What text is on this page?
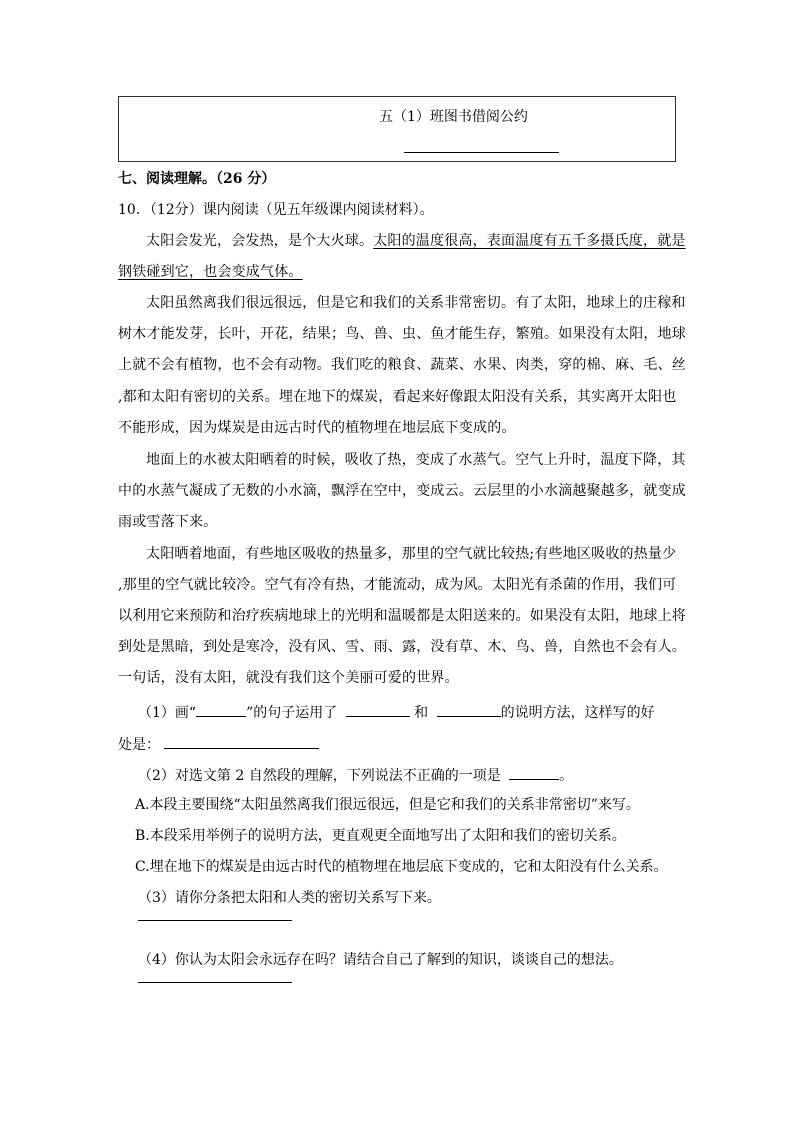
五（1）班图书借阅公约
七、阅读理解。（26 分）
10．（12分）课内阅读（见五年级课内阅读材料）。
太阳会发光，会发热，是个大火球。太阳的温度很高，表面温度有五千多摄氏度，就是
钢铁碰到它，也会变成气体。
太阳虽然离我们很远很远，但是它和我们的关系非常密切。有了太阳，地球上的庄稼和
树木才能发芽，长叶，开花，结果；鸟、兽、虫、鱼才能生存，繁殖。如果没有太阳，地球
上就不会有植物，也不会有动物。我们吃的粮食、蔬菜、水果、肉类，穿的棉、麻、毛、丝
,都和太阳有密切的关系。埋在地下的煤炭，看起来好像跟太阳没有关系，其实离开太阳也
不能形成，因为煤炭是由远古时代的植物埋在地层底下变成的。
地面上的水被太阳晒着的时候，吸收了热，变成了水蒸气。空气上升时，温度下降，其
中的水蒸气凝成了无数的小水滴，飘浮在空中，变成云。云层里的小水滴越聚越多，就变成
雨或雪落下来。
太阳晒着地面，有些地区吸收的热量多，那里的空气就比较热;有些地区吸收的热量少
,那里的空气就比较冷。空气有冷有热，才能流动，成为风。太阳光有杀菌的作用，我们可
以利用它来预防和治疗疾病地球上的光明和温暖都是太阳送来的。如果没有太阳，地球上将
到处是黑暗，到处是寒冷，没有风、雪、雨、露，没有草、木、鸟、兽，自然也不会有人。
一句话，没有太阳，就没有我们这个美丽可爱的世界。
（1）画“	”的句子运用了	和	的说明方法，这样写的好
处是：
（2）对选文第 2 自然段的理解，下列说法不正确的一项是	。
A.本段主要围绕“太阳虽然离我们很远很远，但是它和我们的关系非常密切”来写。
B.本段采用举例子的说明方法，更直观更全面地写出了太阳和我们的密切关系。
C.埋在地下的煤炭是由远古时代的植物埋在地层底下变成的，它和太阳没有什么关系。
（3）请你分条把太阳和人类的密切关系写下来。
（4）你认为太阳会永远存在吗？请结合自己了解到的知识，谈谈自己的想法。
